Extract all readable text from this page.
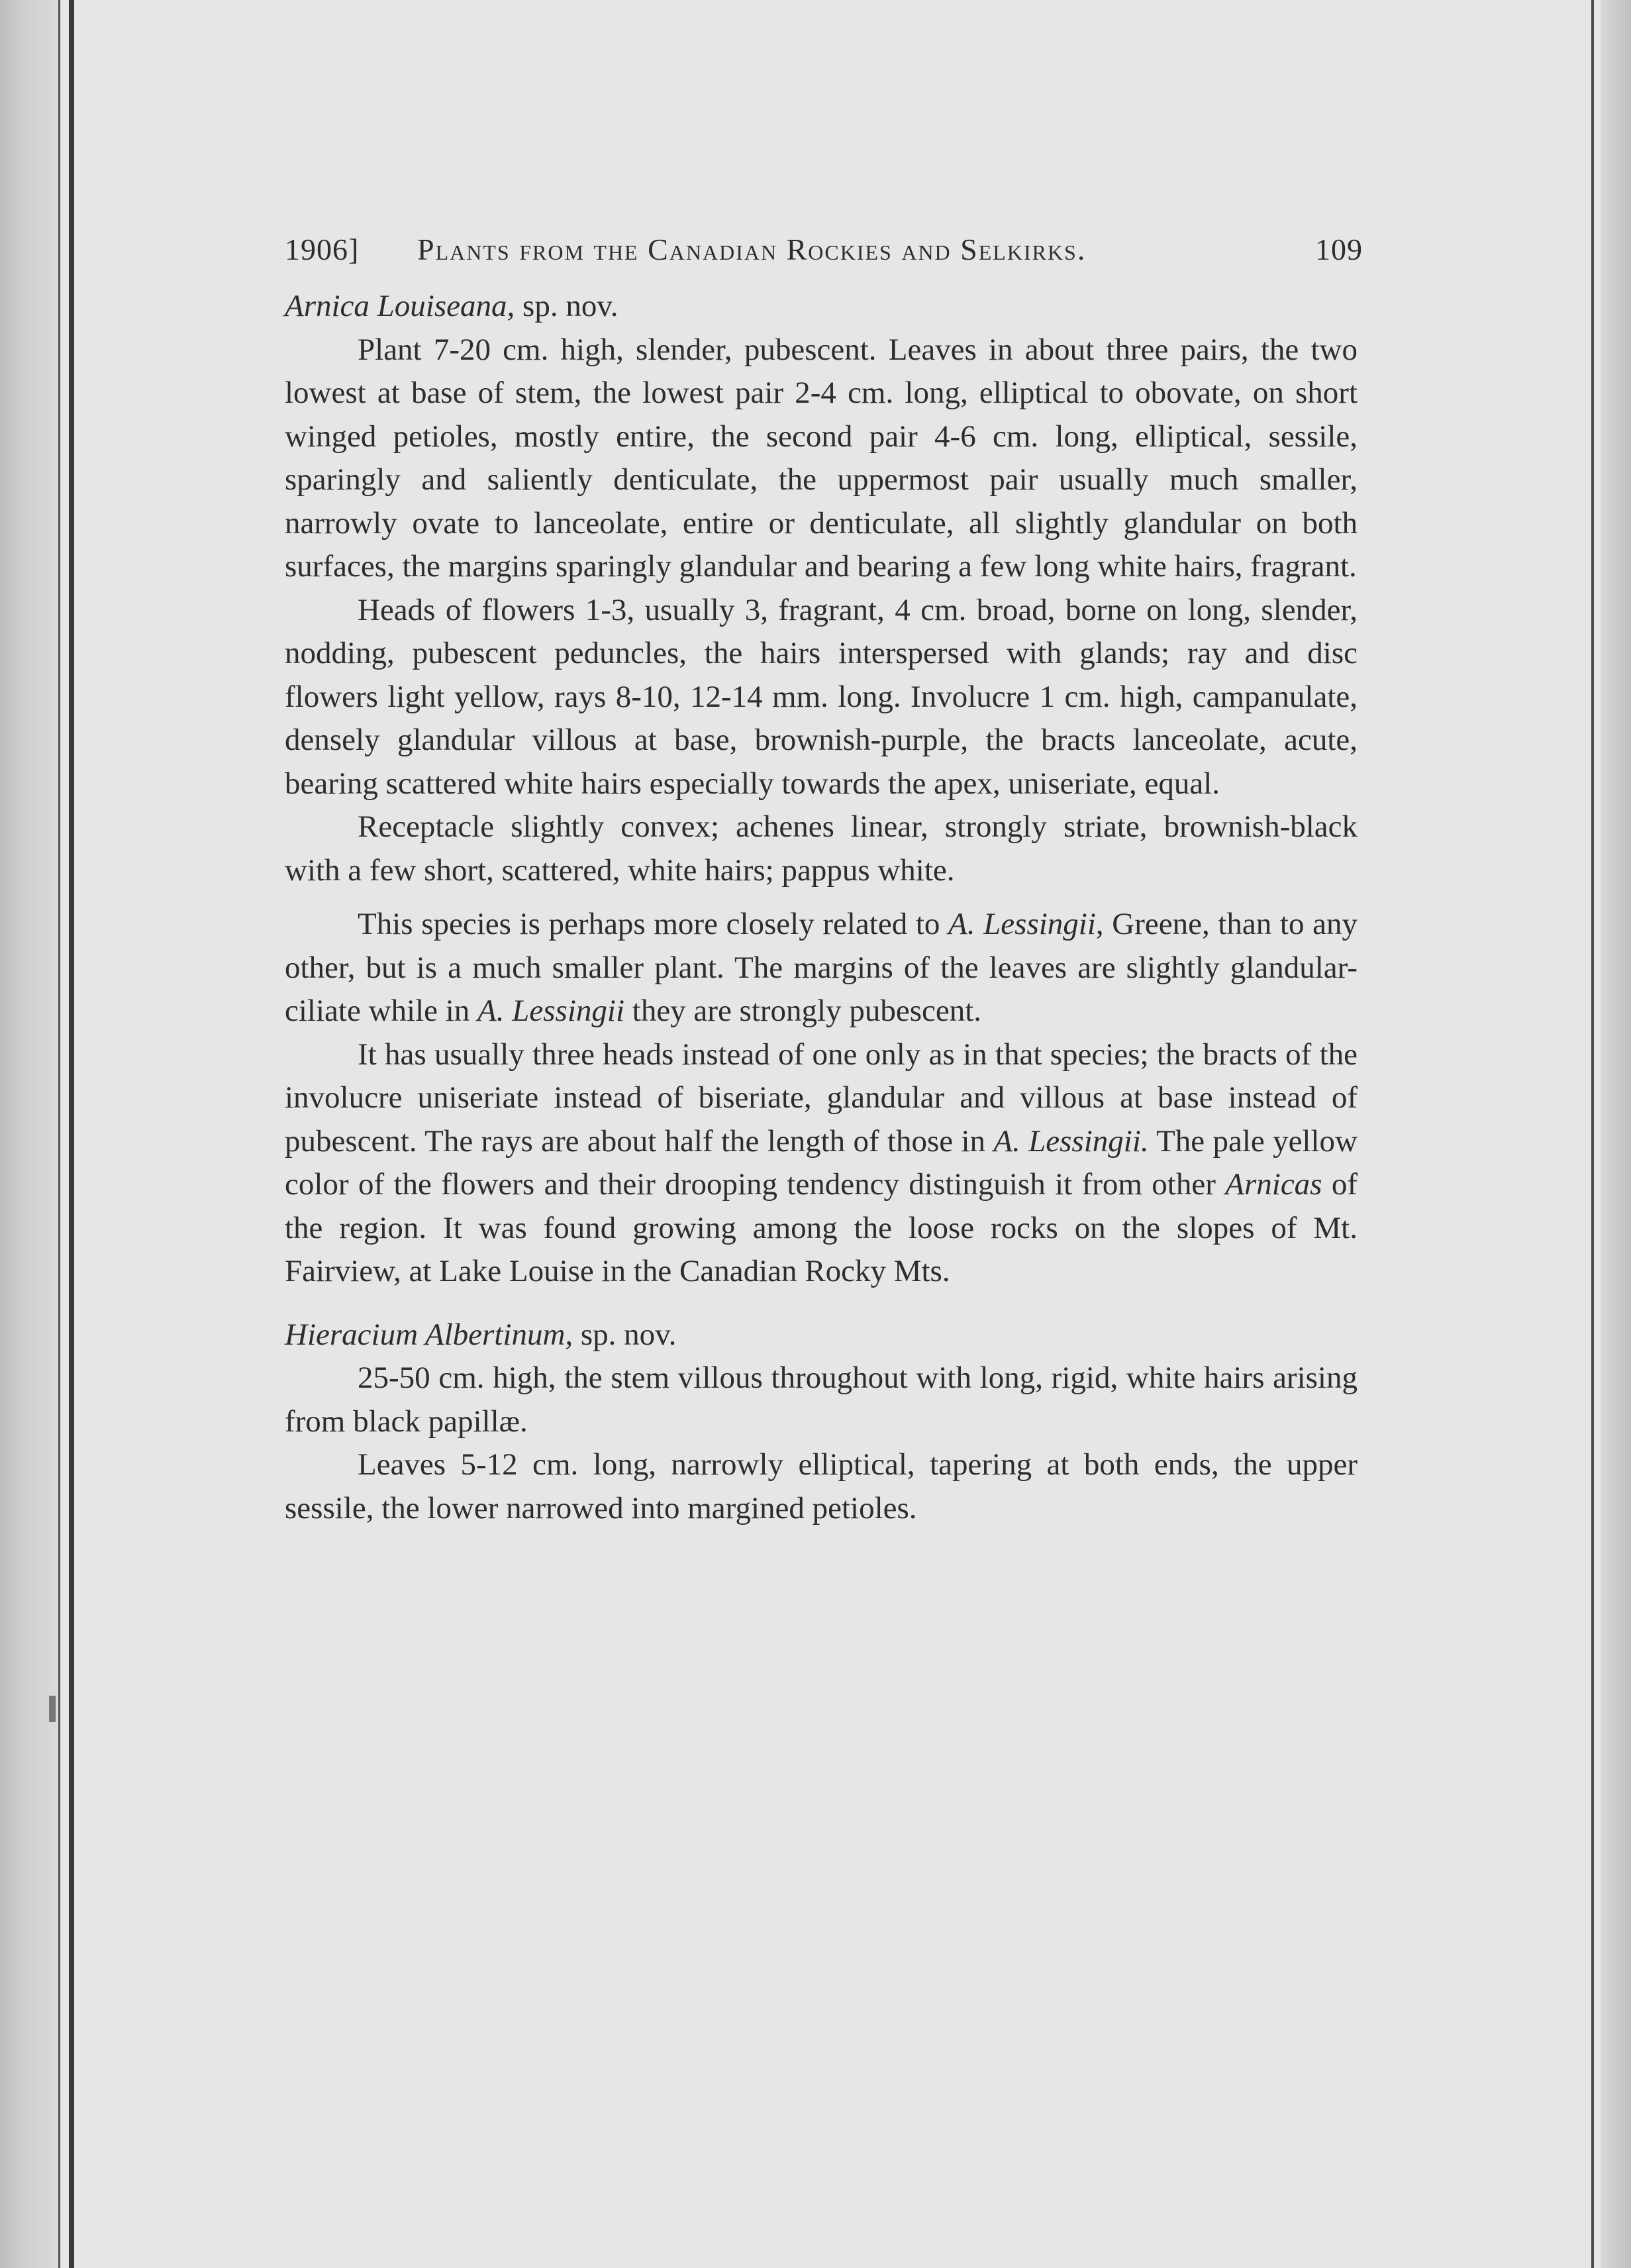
1906] Plants from the Canadian Rockies and Selkirks.	109
Arnica Louiseana, sp. nov.

Plant 7-20 cm. high, slender, pubescent. Leaves in about three pairs, the two lowest at base of stem, the lowest pair 2-4 cm. long, elliptical to obovate, on short winged petioles, mostly entire, the second pair 4-6 cm. long, elliptical, sessile, sparingly and saliently denticulate, the uppermost pair usually much smaller, narrowly ovate to lanceolate, entire or denticulate, all slightly glandular on both surfaces, the margins sparingly glandular and bearing a few long white hairs, fragrant.

Heads of flowers 1-3, usually 3, fragrant, 4 cm. broad, borne on long, slender, nodding, pubescent peduncles, the hairs interspersed with glands; ray and disc flowers light yellow, rays 8-10, 12-14 mm. long. Involucre 1 cm. high, campanulate, densely glandular villous at base, brownish-purple, the bracts lanceolate, acute, bearing scattered white hairs especially towards the apex, uniseriate, equal.

Receptacle slightly convex; achenes linear, strongly striate, brownish-black with a few short, scattered, white hairs; pappus white.

This species is perhaps more closely related to A. Lessingii, Greene, than to any other, but is a much smaller plant. The margins of the leaves are slightly glandular-ciliate while in A. Lessingii they are strongly pubescent.

It has usually three heads instead of one only as in that species; the bracts of the involucre uniseriate instead of biseriate, glandular and villous at base instead of pubescent. The rays are about half the length of those in A. Lessingii. The pale yellow color of the flowers and their drooping tendency distinguish it from other Arnicas of the region. It was found growing among the loose rocks on the slopes of Mt. Fairview, at Lake Louise in the Canadian Rocky Mts.

Hieracium Albertinum, sp. nov.

25-50 cm. high, the stem villous throughout with long, rigid, white hairs arising from black papillæ.

Leaves 5-12 cm. long, narrowly elliptical, tapering at both ends, the upper sessile, the lower narrowed into margined petioles.
